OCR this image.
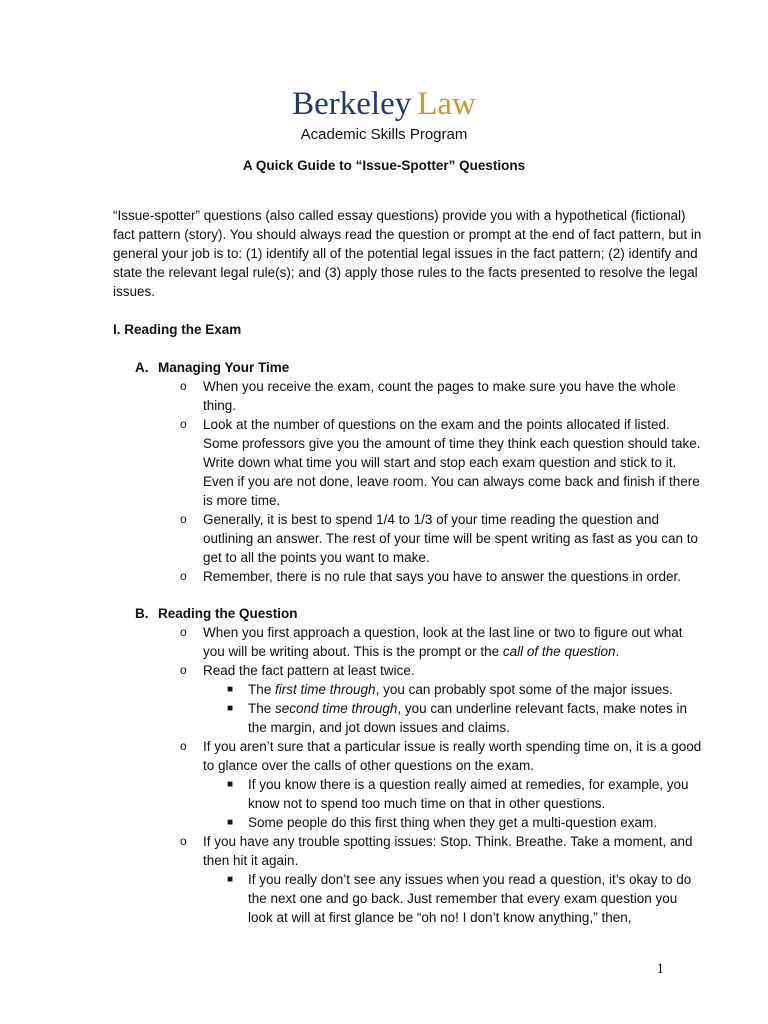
Berkeley Law
Academic Skills Program
A Quick Guide to “Issue-Spotter” Questions
“Issue-spotter” questions (also called essay questions) provide you with a hypothetical (fictional) fact pattern (story). You should always read the question or prompt at the end of fact pattern, but in general your job is to: (1) identify all of the potential legal issues in the fact pattern; (2) identify and state the relevant legal rule(s); and (3) apply those rules to the facts presented to resolve the legal issues.
I. Reading the Exam
A. Managing Your Time
o When you receive the exam, count the pages to make sure you have the whole thing.
o Look at the number of questions on the exam and the points allocated if listed. Some professors give you the amount of time they think each question should take. Write down what time you will start and stop each exam question and stick to it. Even if you are not done, leave room. You can always come back and finish if there is more time.
o Generally, it is best to spend 1/4 to 1/3 of your time reading the question and outlining an answer. The rest of your time will be spent writing as fast as you can to get to all the points you want to make.
o Remember, there is no rule that says you have to answer the questions in order.
B. Reading the Question
o When you first approach a question, look at the last line or two to figure out what you will be writing about. This is the prompt or the call of the question.
o Read the fact pattern at least twice.
■ The first time through, you can probably spot some of the major issues.
■ The second time through, you can underline relevant facts, make notes in the margin, and jot down issues and claims.
o If you aren’t sure that a particular issue is really worth spending time on, it is a good to glance over the calls of other questions on the exam.
■ If you know there is a question really aimed at remedies, for example, you know not to spend too much time on that in other questions.
■ Some people do this first thing when they get a multi-question exam.
o If you have any trouble spotting issues: Stop. Think. Breathe. Take a moment, and then hit it again.
■ If you really don’t see any issues when you read a question, it’s okay to do the next one and go back. Just remember that every exam question you look at will at first glance be “oh no! I don’t know anything,” then,
1
